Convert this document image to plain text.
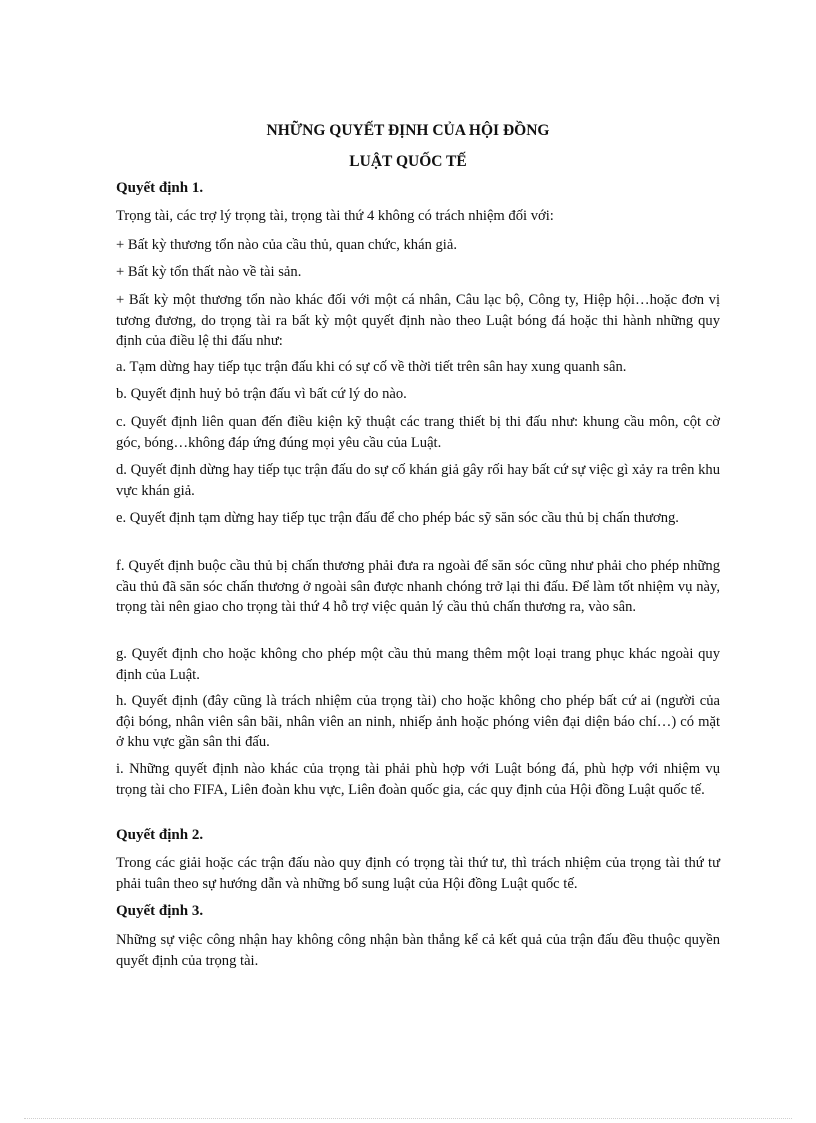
NHỮNG QUYẾT ĐỊNH CỦA HỘI ĐỒNG

LUẬT QUỐC TẾ

Quyết định 1.

Trọng tài, các trợ lý trọng tài, trọng tài thứ 4 không có trách nhiệm đối với:

+ Bất kỳ thương tổn nào của cầu thủ, quan chức, khán giả.

+ Bất kỳ tổn thất nào về tài sản.

+ Bất kỳ một thương tổn nào khác đối với một cá nhân, Câu lạc bộ, Công ty, Hiệp hội…hoặc đơn vị tương đương, do trọng tài ra bất kỳ một quyết định nào theo Luật bóng đá hoặc thi hành những quy định của điều lệ thi đấu như:

a. Tạm dừng hay tiếp tục trận đấu khi có sự cố về thời tiết trên sân hay xung quanh sân.

b. Quyết định huỷ bỏ trận đấu vì bất cứ lý do nào.

c. Quyết định liên quan đến điều kiện kỹ thuật các trang thiết bị thi đấu như: khung cầu môn, cột cờ góc, bóng…không đáp ứng đúng mọi yêu cầu của Luật.

d. Quyết định dừng hay tiếp tục trận đấu do sự cố khán giả gây rối hay bất cứ sự việc gì xảy ra trên khu vực khán giả.

e. Quyết định tạm dừng hay tiếp tục trận đấu để cho phép bác sỹ săn sóc cầu thủ bị chấn thương.

f. Quyết định buộc cầu thủ bị chấn thương phải đưa ra ngoài để săn sóc cũng như phải cho phép những cầu thủ đã săn sóc chấn thương ở ngoài sân được nhanh chóng trở lại thi đấu. Để làm tốt nhiệm vụ này, trọng tài nên giao cho trọng tài thứ 4 hỗ trợ việc quản lý cầu thủ chấn thương ra, vào sân.

g. Quyết định cho hoặc không cho phép một cầu thủ mang thêm một loại trang phục khác ngoài quy định của Luật.

h. Quyết định (đây cũng là trách nhiệm của trọng tài) cho hoặc không cho phép bất cứ ai (người của đội bóng, nhân viên sân bãi, nhân viên an ninh, nhiếp ảnh hoặc phóng viên đại diện báo chí…) có mặt ở khu vực gần sân thi đấu.

i. Những quyết định nào khác của trọng tài phải phù hợp với Luật bóng đá, phù hợp với nhiệm vụ trọng tài cho FIFA, Liên đoàn khu vực, Liên đoàn quốc gia, các quy định của Hội đồng Luật quốc tế.

Quyết định 2.

Trong các giải hoặc các trận đấu nào quy định có trọng tài thứ tư, thì trách nhiệm của trọng tài thứ tư phải tuân theo sự hướng dẫn và những bổ sung luật của Hội đồng Luật quốc tế.

Quyết định 3.

Những sự việc công nhận hay không công nhận bàn thắng kể cả kết quả của trận đấu đều thuộc quyền quyết định của trọng tài.
